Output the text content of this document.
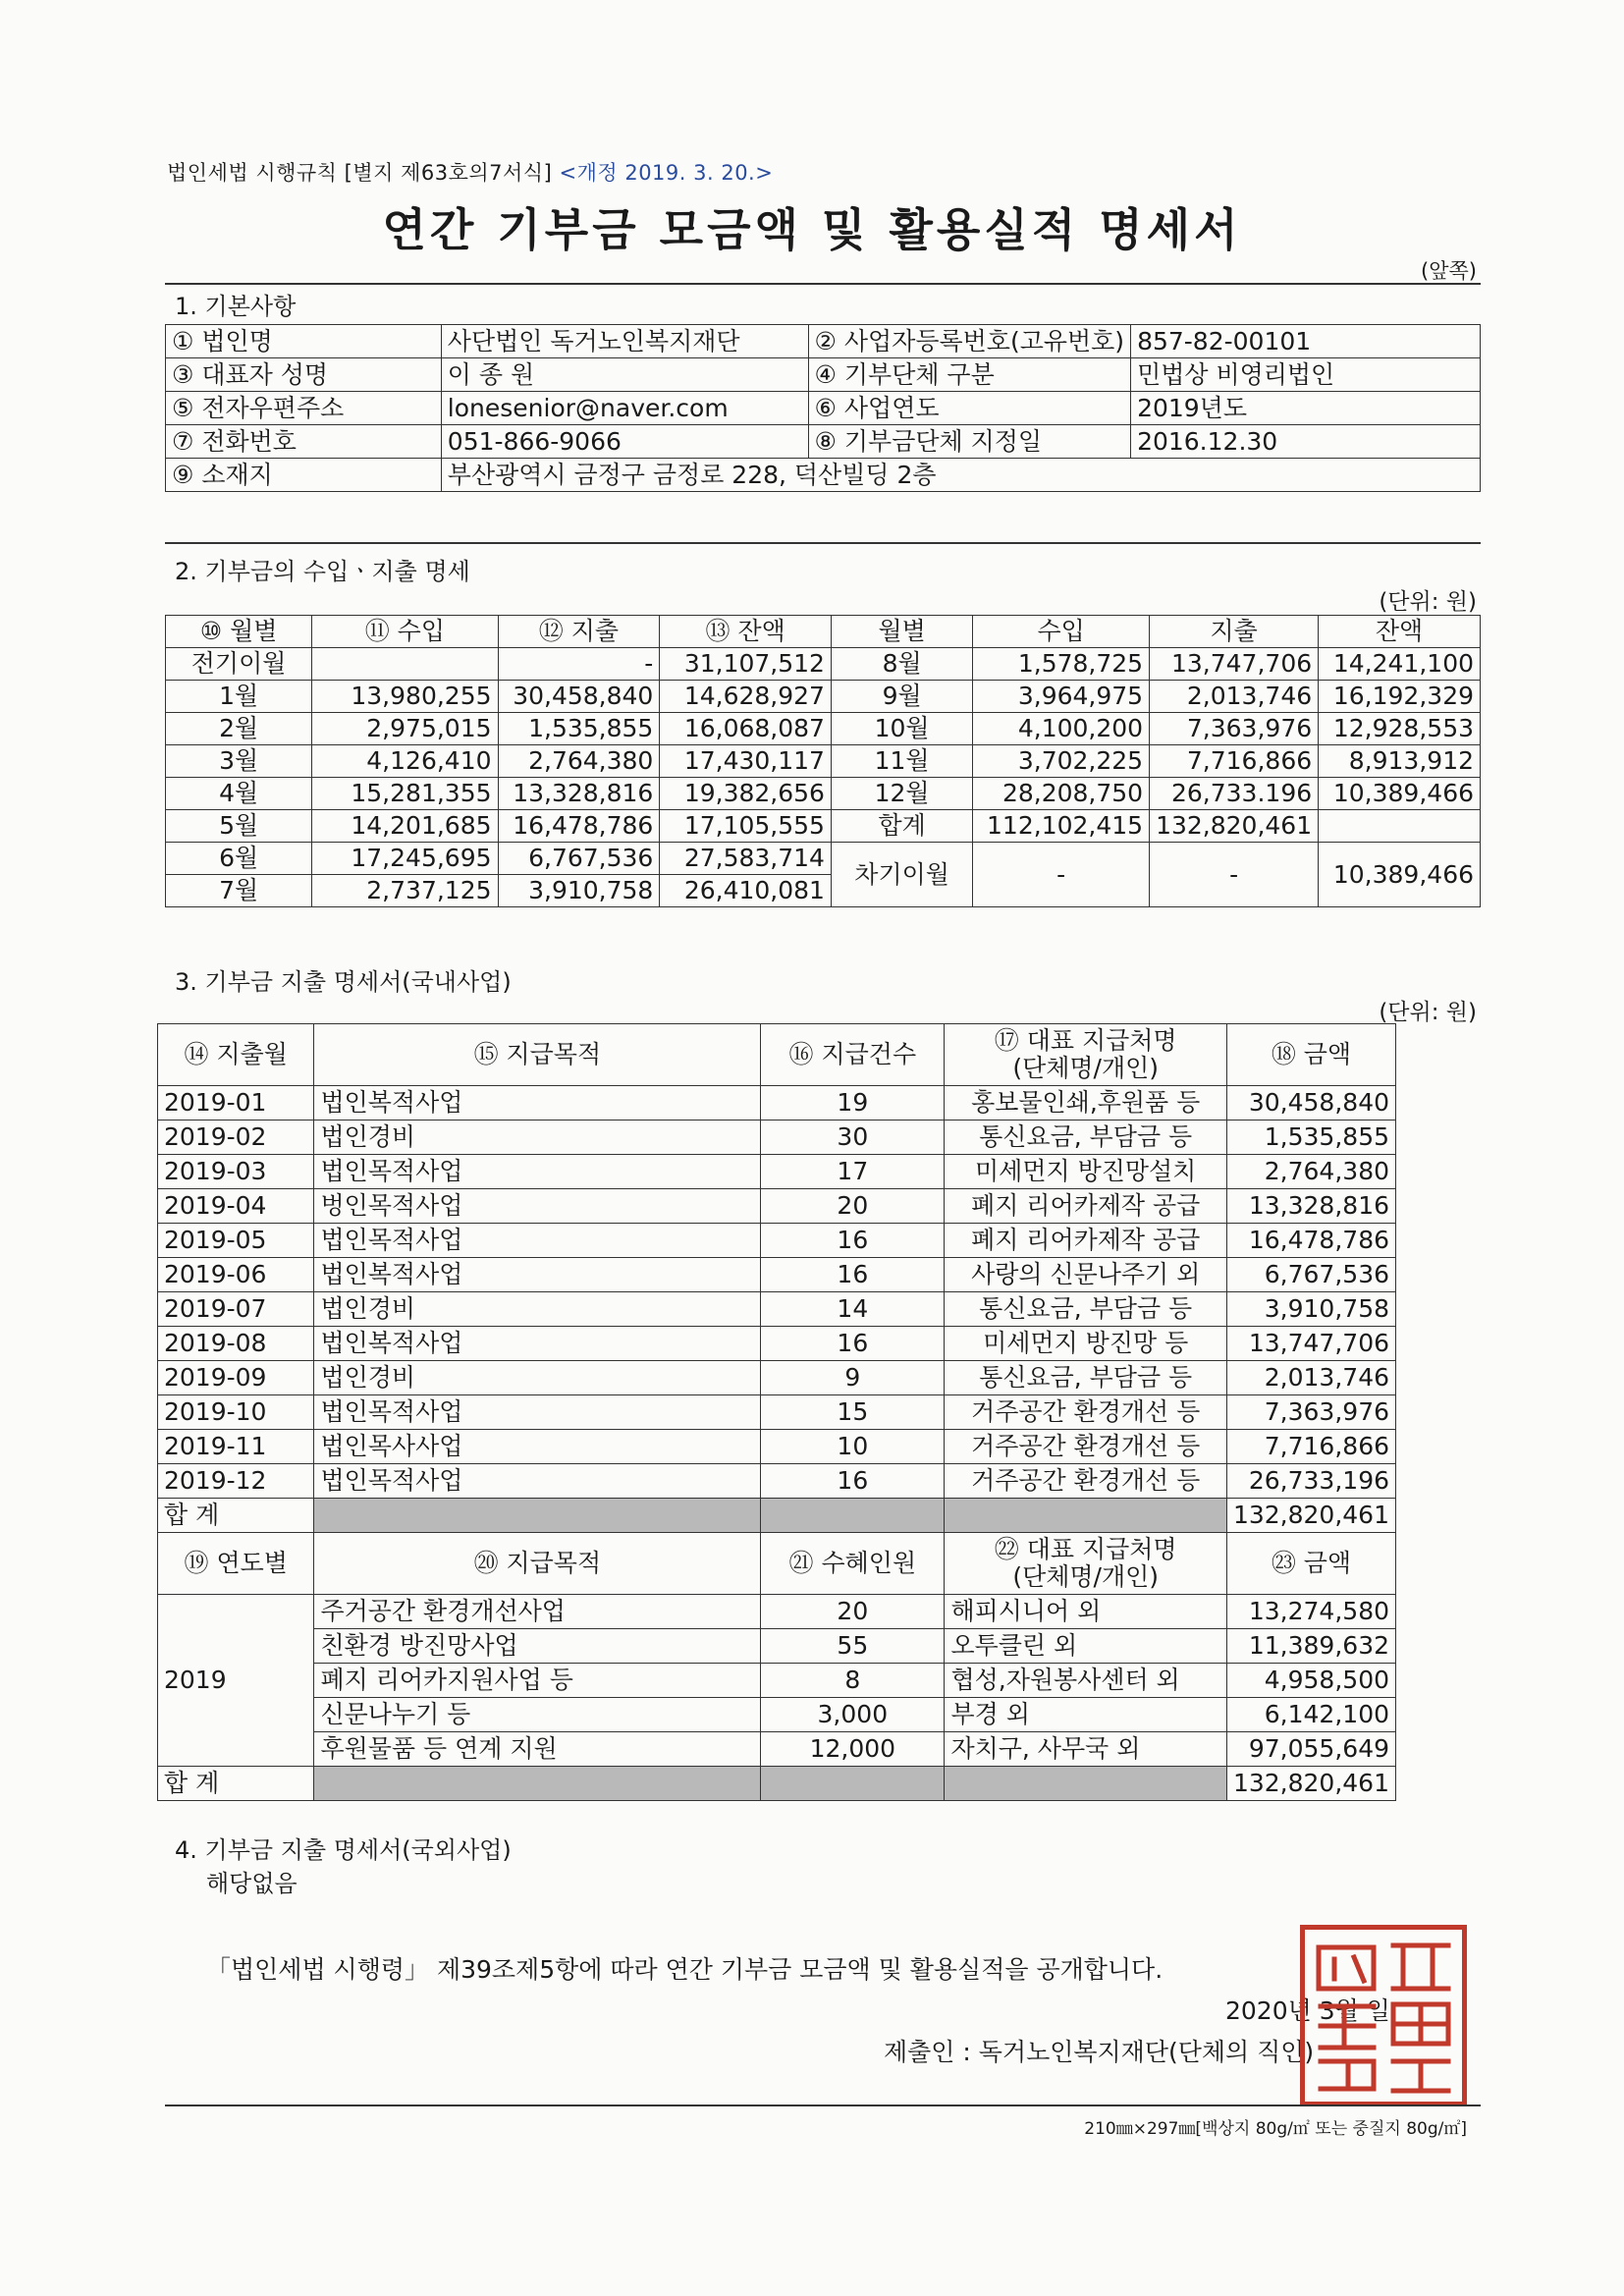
법인세법 시행규칙 [별지 제63호의7서식] <개정 2019. 3. 20.>
연간 기부금 모금액 및 활용실적 명세서
(앞쪽)
1. 기본사항
① 법인명	사단법인 독거노인복지재단	② 사업자등록번호(고유번호)	857-82-00101
③ 대표자 성명	이 종 원	④ 기부단체 구분	민법상 비영리법인
⑤ 전자우편주소	lonesenior@naver.com	⑥ 사업연도	2019년도
⑦ 전화번호	051-866-9066	⑧ 기부금단체 지정일	2016.12.30
⑨ 소재지	부산광역시 금정구 금정로 228, 덕산빌딩 2층		
2. 기부금의 수입ㆍ지출 명세
(단위: 원)
⑩ 월별	⑪ 수입	⑫ 지출	⑬ 잔액	월별	수입	지출	잔액
전기이월		-	31,107,512	8월	1,578,725	13,747,706	14,241,100
1월	13,980,255	30,458,840	14,628,927	9월	3,964,975	2,013,746	16,192,329
2월	2,975,015	1,535,855	16,068,087	10월	4,100,200	7,363,976	12,928,553
3월	4,126,410	2,764,380	17,430,117	11월	3,702,225	7,716,866	8,913,912
4월	15,281,355	13,328,816	19,382,656	12월	28,208,750	26,733.196	10,389,466
5월	14,201,685	16,478,786	17,105,555	합계	112,102,415	132,820,461	
6월	17,245,695	6,767,536	27,583,714	차기이월	-	-	10,389,466
7월	2,737,125	3,910,758	26,410,081				
3. 기부금 지출 명세서(국내사업)
(단위: 원)
⑭ 지출월	⑮ 지급목적	⑯ 지급건수	⑰ 대표 지급처명
(단체명/개인)	⑱ 금액
2019-01	법인복적사업	19	홍보물인쇄,후원품 등	30,458,840
2019-02	법인경비	30	통신요금, 부담금 등	1,535,855
2019-03	법인목적사업	17	미세먼지 방진망설치	2,764,380
2019-04	벙인목적사업	20	폐지 리어카제작 공급	13,328,816
2019-05	법인목적사업	16	폐지 리어카제작 공급	16,478,786
2019-06	법인복적사업	16	사랑의 신문나주기 외	6,767,536
2019-07	법인경비	14	통신요금, 부담금 등	3,910,758
2019-08	법인복적사업	16	미세먼지 방진망 등	13,747,706
2019-09	법인경비	9	통신요금, 부담금 등	2,013,746
2019-10	법인목적사업	15	거주공간 환경개선 등	7,363,976
2019-11	법인목사사업	10	거주공간 환경개선 등	7,716,866
2019-12	법인목적사업	16	거주공간 환경개선 등	26,733,196
합 계				132,820,461
⑲ 연도별	⑳ 지급목적	㉑ 수혜인원	㉒ 대표 지급처명
(단체명/개인)	㉓ 금액
2019	주거공간 환경개선사업	20	해피시니어 외	13,274,580
	친환경 방진망사업	55	오투클린 외	11,389,632
	폐지 리어카지원사업 등	8	협성,자원봉사센터 외	4,958,500
	신문나누기 등	3,000	부경 외	6,142,100
	후원물품 등 연계 지원	12,000	자치구, 사무국 외	97,055,649
합 계				132,820,461
4. 기부금 지출 명세서(국외사업)
해당없음
「법인세법 시행령」 제39조제5항에 따라 연간 기부금 모금액 및 활용실적을 공개합니다.
2020년 3월 일
제출인 : 독거노인복지재단(단체의 직인)
210㎜×297㎜[백상지 80g/㎡ 또는 중질지 80g/㎡]
